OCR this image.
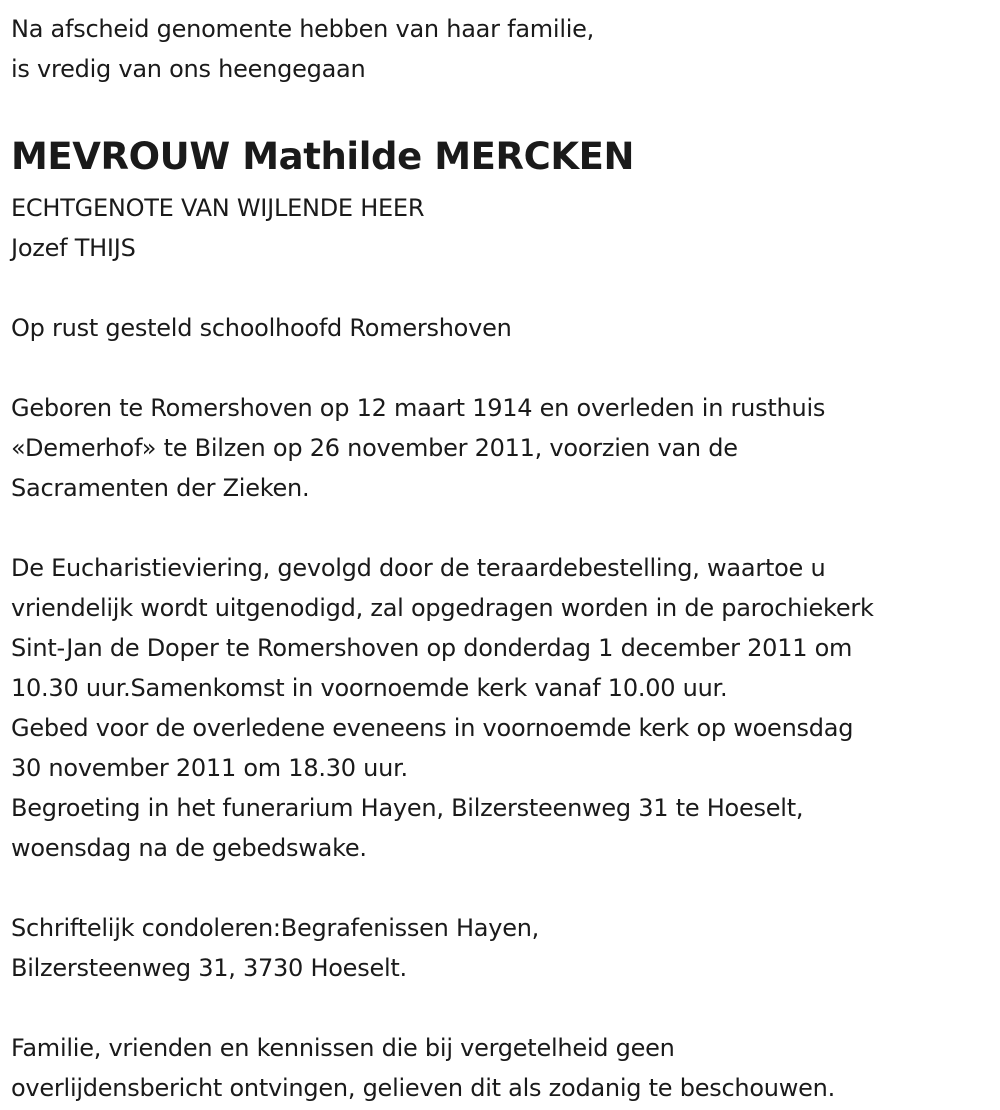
Na afscheid genomente hebben van haar familie,
is vredig van ons heengegaan
MEVROUW Mathilde MERCKEN
ECHTGENOTE VAN WIJLENDE HEER
Jozef THIJS
Op rust gesteld schoolhoofd Romershoven
Geboren te Romershoven op 12 maart 1914 en overleden in rusthuis
«Demerhof» te Bilzen op 26 november 2011, voorzien van de
Sacramenten der Zieken.
De Eucharistieviering, gevolgd door de teraardebestelling, waartoe u
vriendelijk wordt uitgenodigd, zal opgedragen worden in de parochiekerk
Sint-Jan de Doper te Romershoven op donderdag 1 december 2011 om
10.30 uur.Samenkomst in voornoemde kerk vanaf 10.00 uur.
Gebed voor de overledene eveneens in voornoemde kerk op woensdag
30 november 2011 om 18.30 uur.
Begroeting in het funerarium Hayen, Bilzersteenweg 31 te Hoeselt,
woensdag na de gebedswake.
Schriftelijk condoleren:Begrafenissen Hayen,
Bilzersteenweg 31, 3730 Hoeselt.
Familie, vrienden en kennissen die bij vergetelheid geen
overlijdensbericht ontvingen, gelieven dit als zodanig te beschouwen.
